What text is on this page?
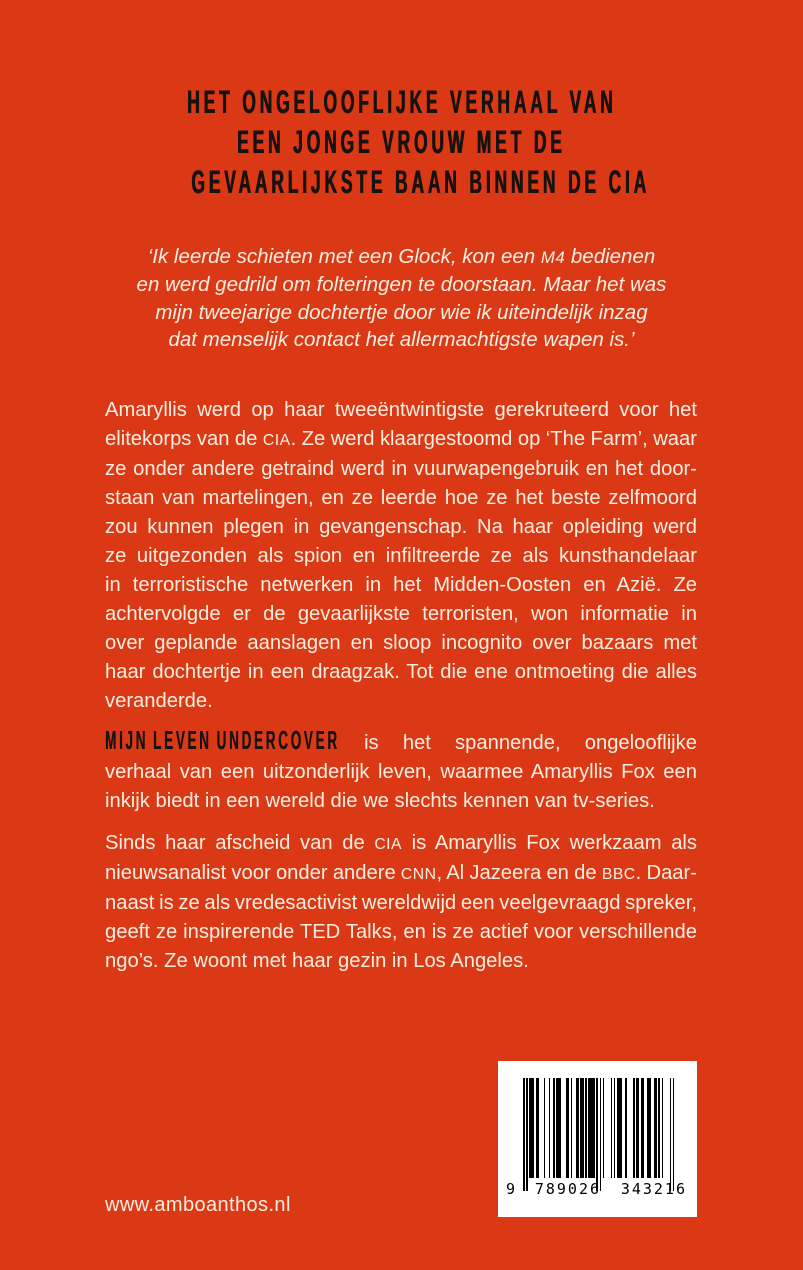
HET ONGELOOFLIJKE VERHAAL VAN
EEN JONGE VROUW MET DE
GEVAARLIJKSTE BAAN BINNEN DE CIA
‘Ik leerde schieten met een Glock, kon een M4 bedienen
en werd gedrild om folteringen te doorstaan. Maar het was
mijn tweejarige dochtertje door wie ik uiteindelijk inzag
dat menselijk contact het allermachtigste wapen is.’
Amaryllis werd op haar tweeëntwintigste gerekruteerd voor het
elitekorps van de CIA. Ze werd klaargestoomd op ‘The Farm’, waar
ze onder andere getraind werd in vuurwapengebruik en het door-
staan van martelingen, en ze leerde hoe ze het beste zelfmoord
zou kunnen plegen in gevangenschap. Na haar opleiding werd
ze uitgezonden als spion en infiltreerde ze als kunsthandelaar
in terroristische netwerken in het Midden-Oosten en Azië. Ze
achtervolgde er de gevaarlijkste terroristen, won informatie in
over geplande aanslagen en sloop incognito over bazaars met
haar dochtertje in een draagzak. Tot die ene ontmoeting die alles
veranderde.
MIJN LEVEN UNDERCOVER is het spannende, ongelooflijke
verhaal van een uitzonderlijk leven, waarmee Amaryllis Fox een
inkijk biedt in een wereld die we slechts kennen van tv-series.
Sinds haar afscheid van de CIA is Amaryllis Fox werkzaam als
nieuwsanalist voor onder andere CNN, Al Jazeera en de BBC. Daar-
naast is ze als vredesactivist wereldwijd een veelgevraagd spreker,
geeft ze inspirerende TED Talks, en is ze actief voor verschillende
ngo’s. Ze woont met haar gezin in Los Angeles.
www.amboanthos.nl
9 789026 343216
